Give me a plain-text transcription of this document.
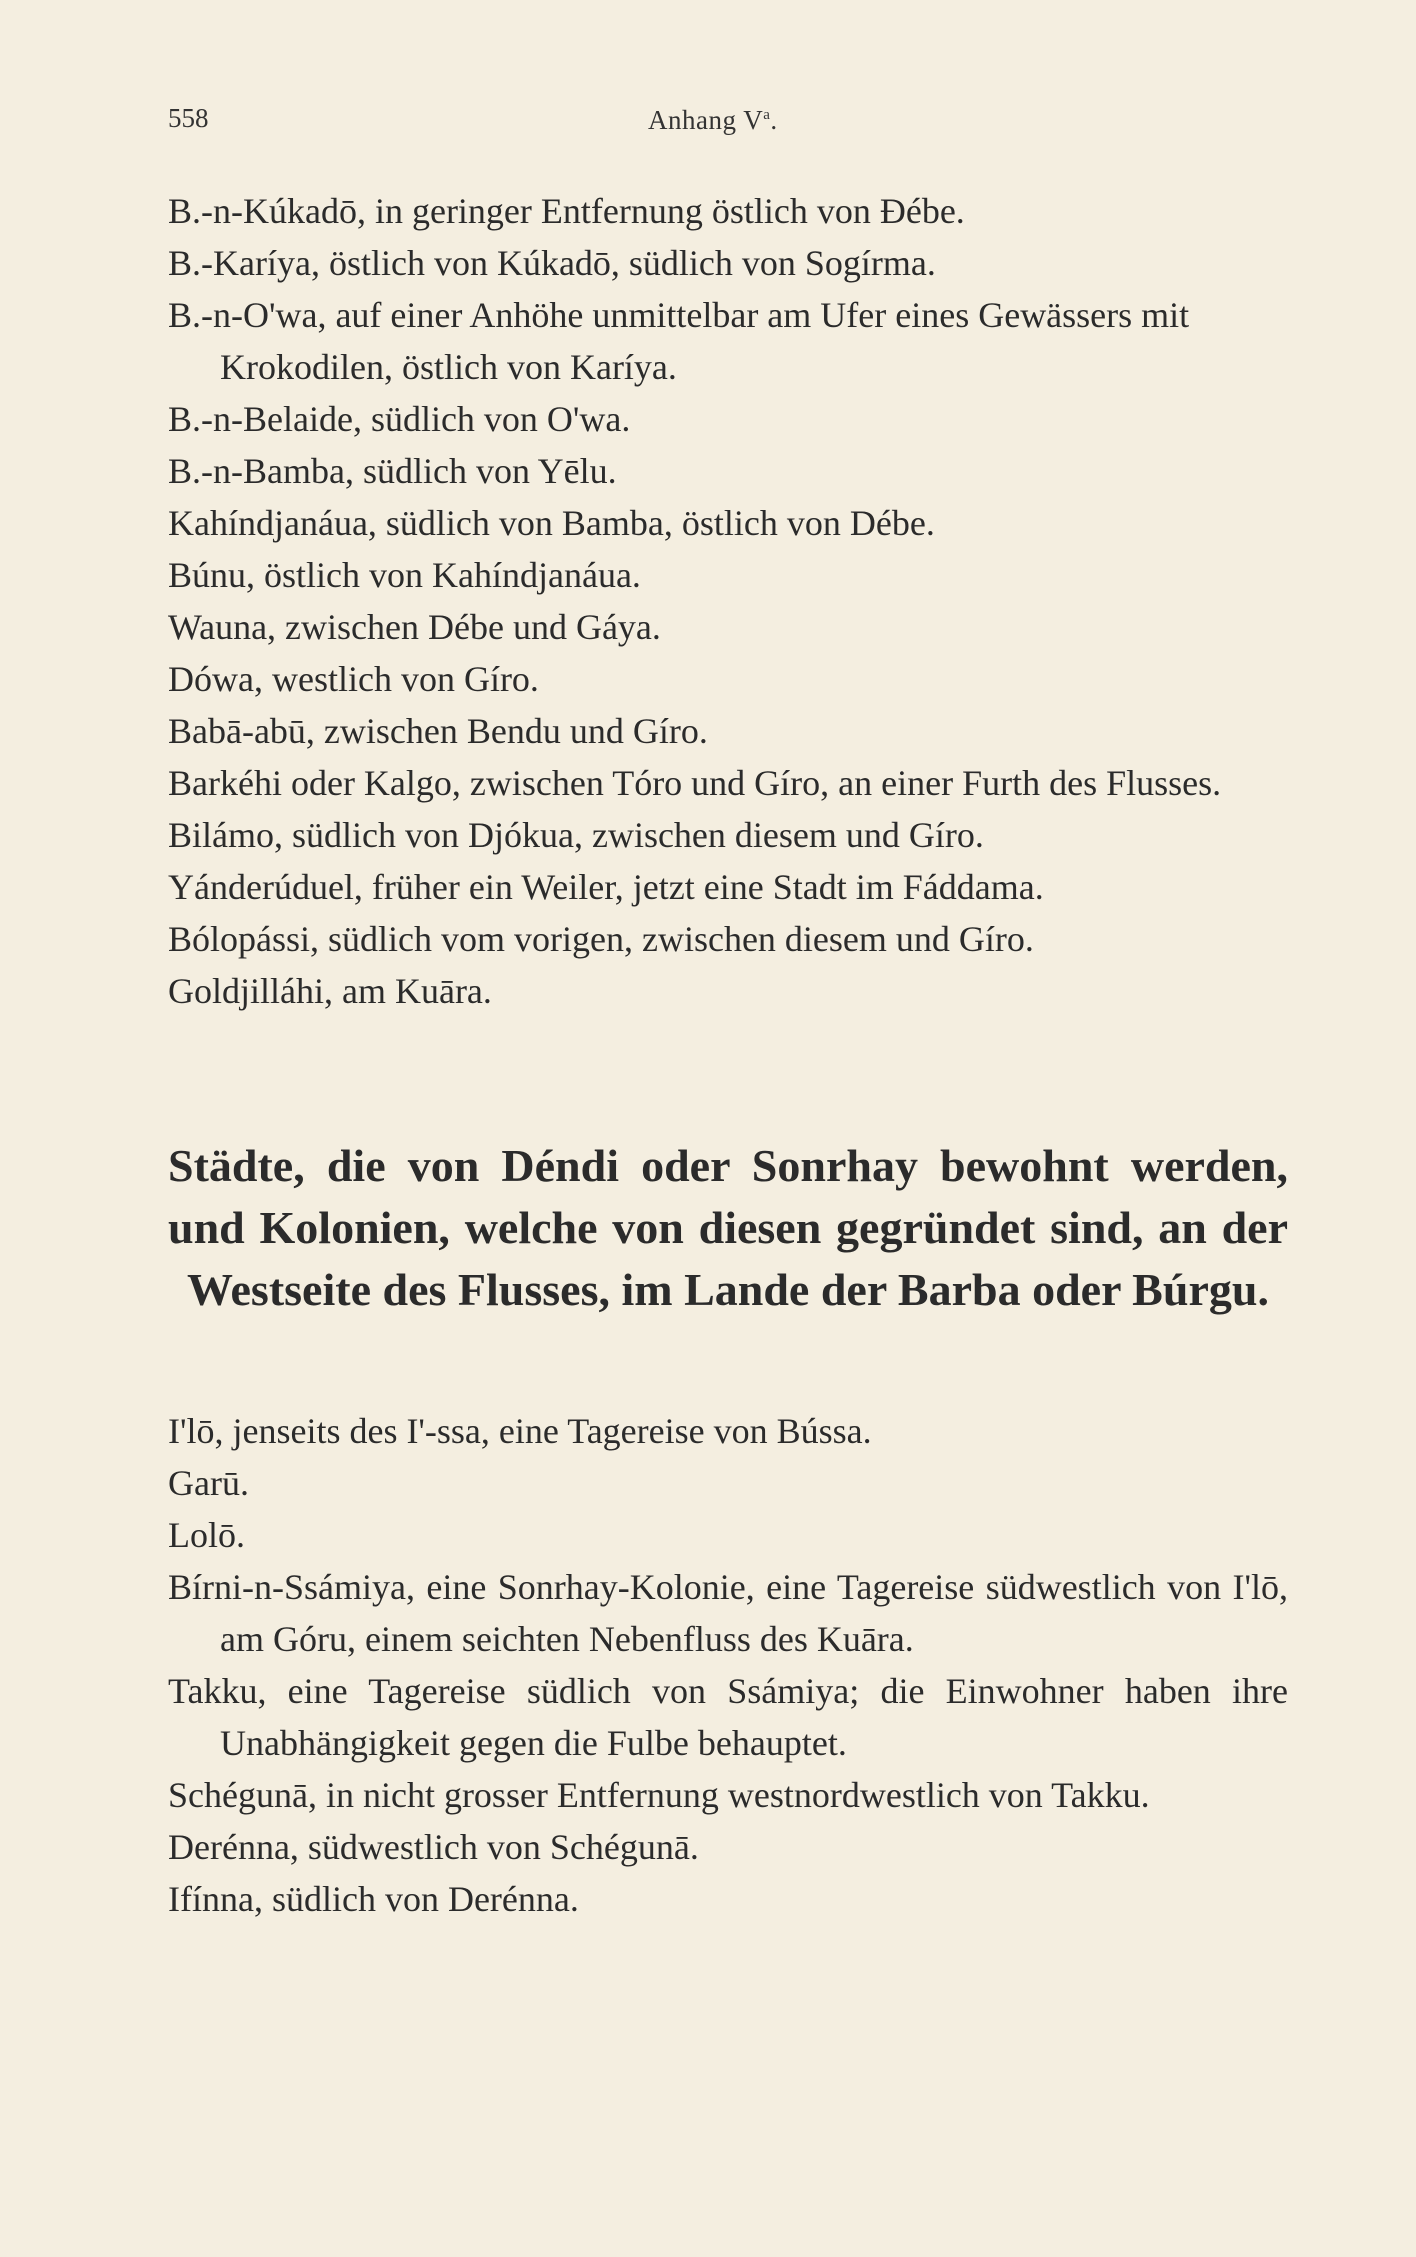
558	Anhang $V^a$.

B.-n-Kúkadō, in geringer Entfernung östlich von Ðébe.

B.-Karíya, östlich von Kúkadō, südlich von Sogírma.

B.-n-O'wa, auf einer Anhöhe unmittelbar am Ufer eines Gewässers mit Krokodilen, östlich von Karíya.

B.-n-Belaide, südlich von O'wa.

B.-n-Bamba, südlich von Yēlu.

Kahíndjanáua, südlich von Bamba, östlich von Débe.

Búnu, östlich von Kahíndjanáua.

Wauna, zwischen Débe und Gáya.

Dówa, westlich von Gíro.

Babā-abū, zwischen Bendu und Gíro.

Barkéhi oder Kalgo, zwischen Tóro und Gíro, an einer Furth des Flusses.

Bilámo, südlich von Djókua, zwischen diesem und Gíro.

Yánderúduel, früher ein Weiler, jetzt eine Stadt im Fáddama.

Bólopássi, südlich vom vorigen, zwischen diesem und Gíro.

Goldjilláhi, am Kuāra.

Städte, die von Déndi oder Sonrhay bewohnt werden, und Kolonien, welche von diesen gegründet sind, an der Westseite des Flusses, im Lande der Barba oder Búrgu.

I'lō, jenseits des I'-ssa, eine Tagereise von Bússa.

Garū.

Lolō.

Bírni-n-Ssámiya, eine Sonrhay-Kolonie, eine Tagereise südwestlich von I'lō, am Góru, einem seichten Nebenfluss des Kuāra.

Takku, eine Tagereise südlich von Ssámiya; die Einwohner haben ihre Unabhängigkeit gegen die Fulbe behauptet.

Schégunā, in nicht grosser Entfernung westnordwestlich von Takku.

Derénna, südwestlich von Schégunā.

Ifínna, südlich von Derénna.
